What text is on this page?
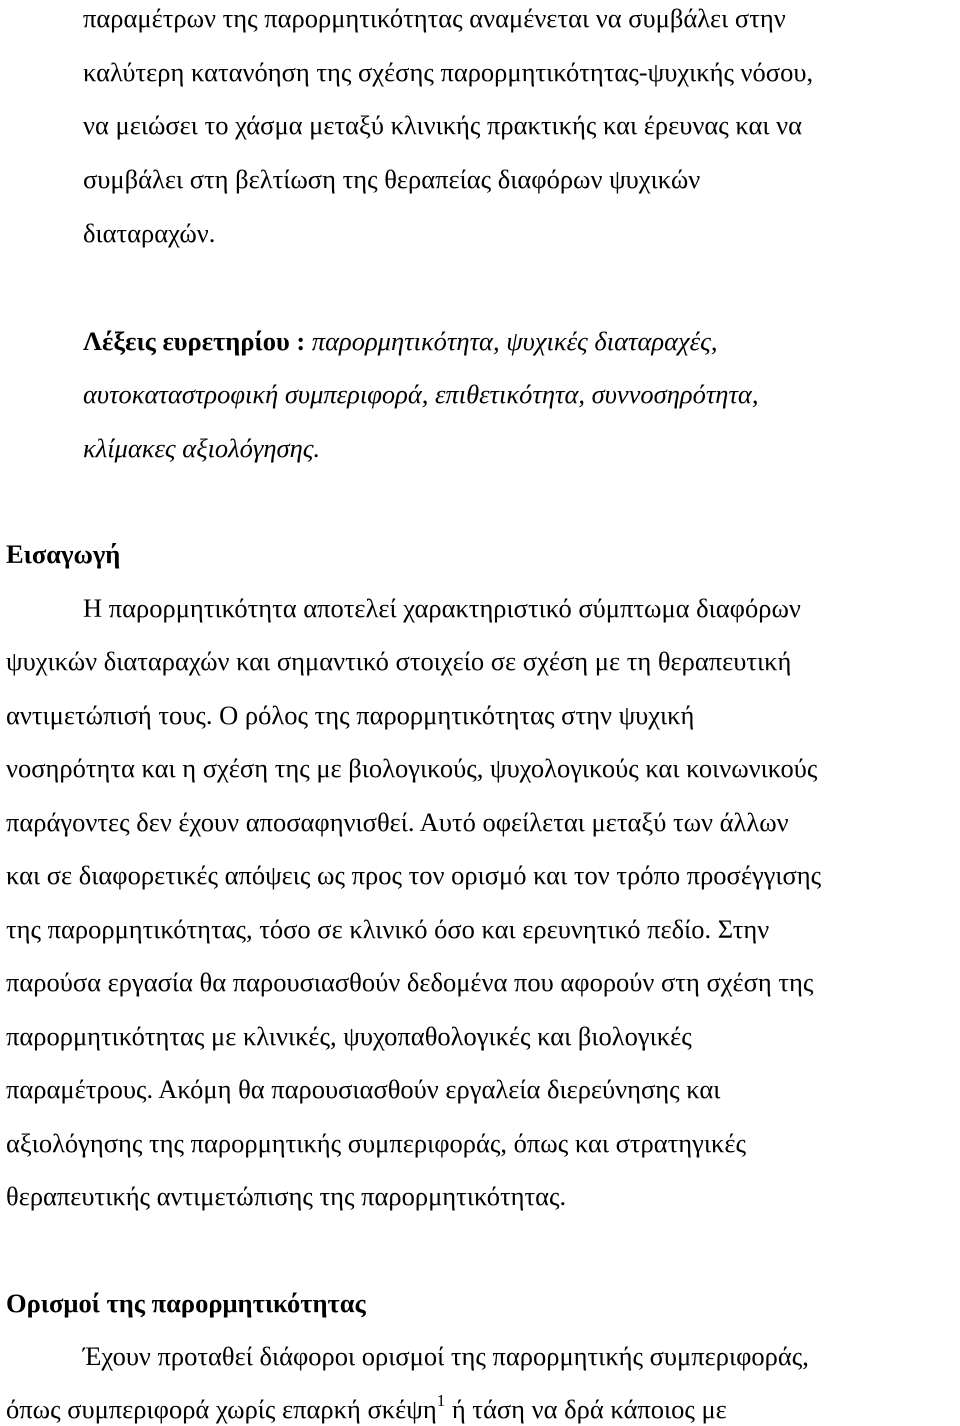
παραμέτρων της παρορμητικότητας αναμένεται να συμβάλει στην
καλύτερη κατανόηση της σχέσης παρορμητικότητας-ψυχικής νόσου,
να μειώσει το χάσμα μεταξύ κλινικής πρακτικής και έρευνας και να
συμβάλει στη βελτίωση της θεραπείας διαφόρων ψυχικών
διαταραχών.
Λέξεις ευρετηρίου : παρορμητικότητα, ψυχικές διαταραχές,
αυτοκαταστροφική συμπεριφορά, επιθετικότητα, συννοσηρότητα,
κλίμακες αξιολόγησης.
Εισαγωγή
Η παρορμητικότητα αποτελεί χαρακτηριστικό σύμπτωμα διαφόρων
ψυχικών διαταραχών και σημαντικό στοιχείο σε σχέση με τη θεραπευτική
αντιμετώπισή τους. Ο ρόλος της παρορμητικότητας στην ψυχική
νοσηρότητα και η σχέση της με βιολογικούς, ψυχολογικούς και κοινωνικούς
παράγοντες δεν έχουν αποσαφηνισθεί. Αυτό οφείλεται μεταξύ των άλλων
και σε διαφορετικές απόψεις ως προς τον ορισμό και τον τρόπο προσέγγισης
της παρορμητικότητας, τόσο σε κλινικό όσο και ερευνητικό πεδίο. Στην
παρούσα εργασία θα παρουσιασθούν δεδομένα που αφορούν στη σχέση της
παρορμητικότητας με κλινικές, ψυχοπαθολογικές και βιολογικές
παραμέτρους. Ακόμη θα παρουσιασθούν εργαλεία διερεύνησης και
αξιολόγησης της παρορμητικής συμπεριφοράς, όπως και στρατηγικές
θεραπευτικής αντιμετώπισης της παρορμητικότητας.
Ορισμοί της παρορμητικότητας
Έχουν προταθεί διάφοροι ορισμοί της παρορμητικής συμπεριφοράς,
όπως συμπεριφορά χωρίς επαρκή σκέψη$^1$ ή τάση να δρά κάποιος με
